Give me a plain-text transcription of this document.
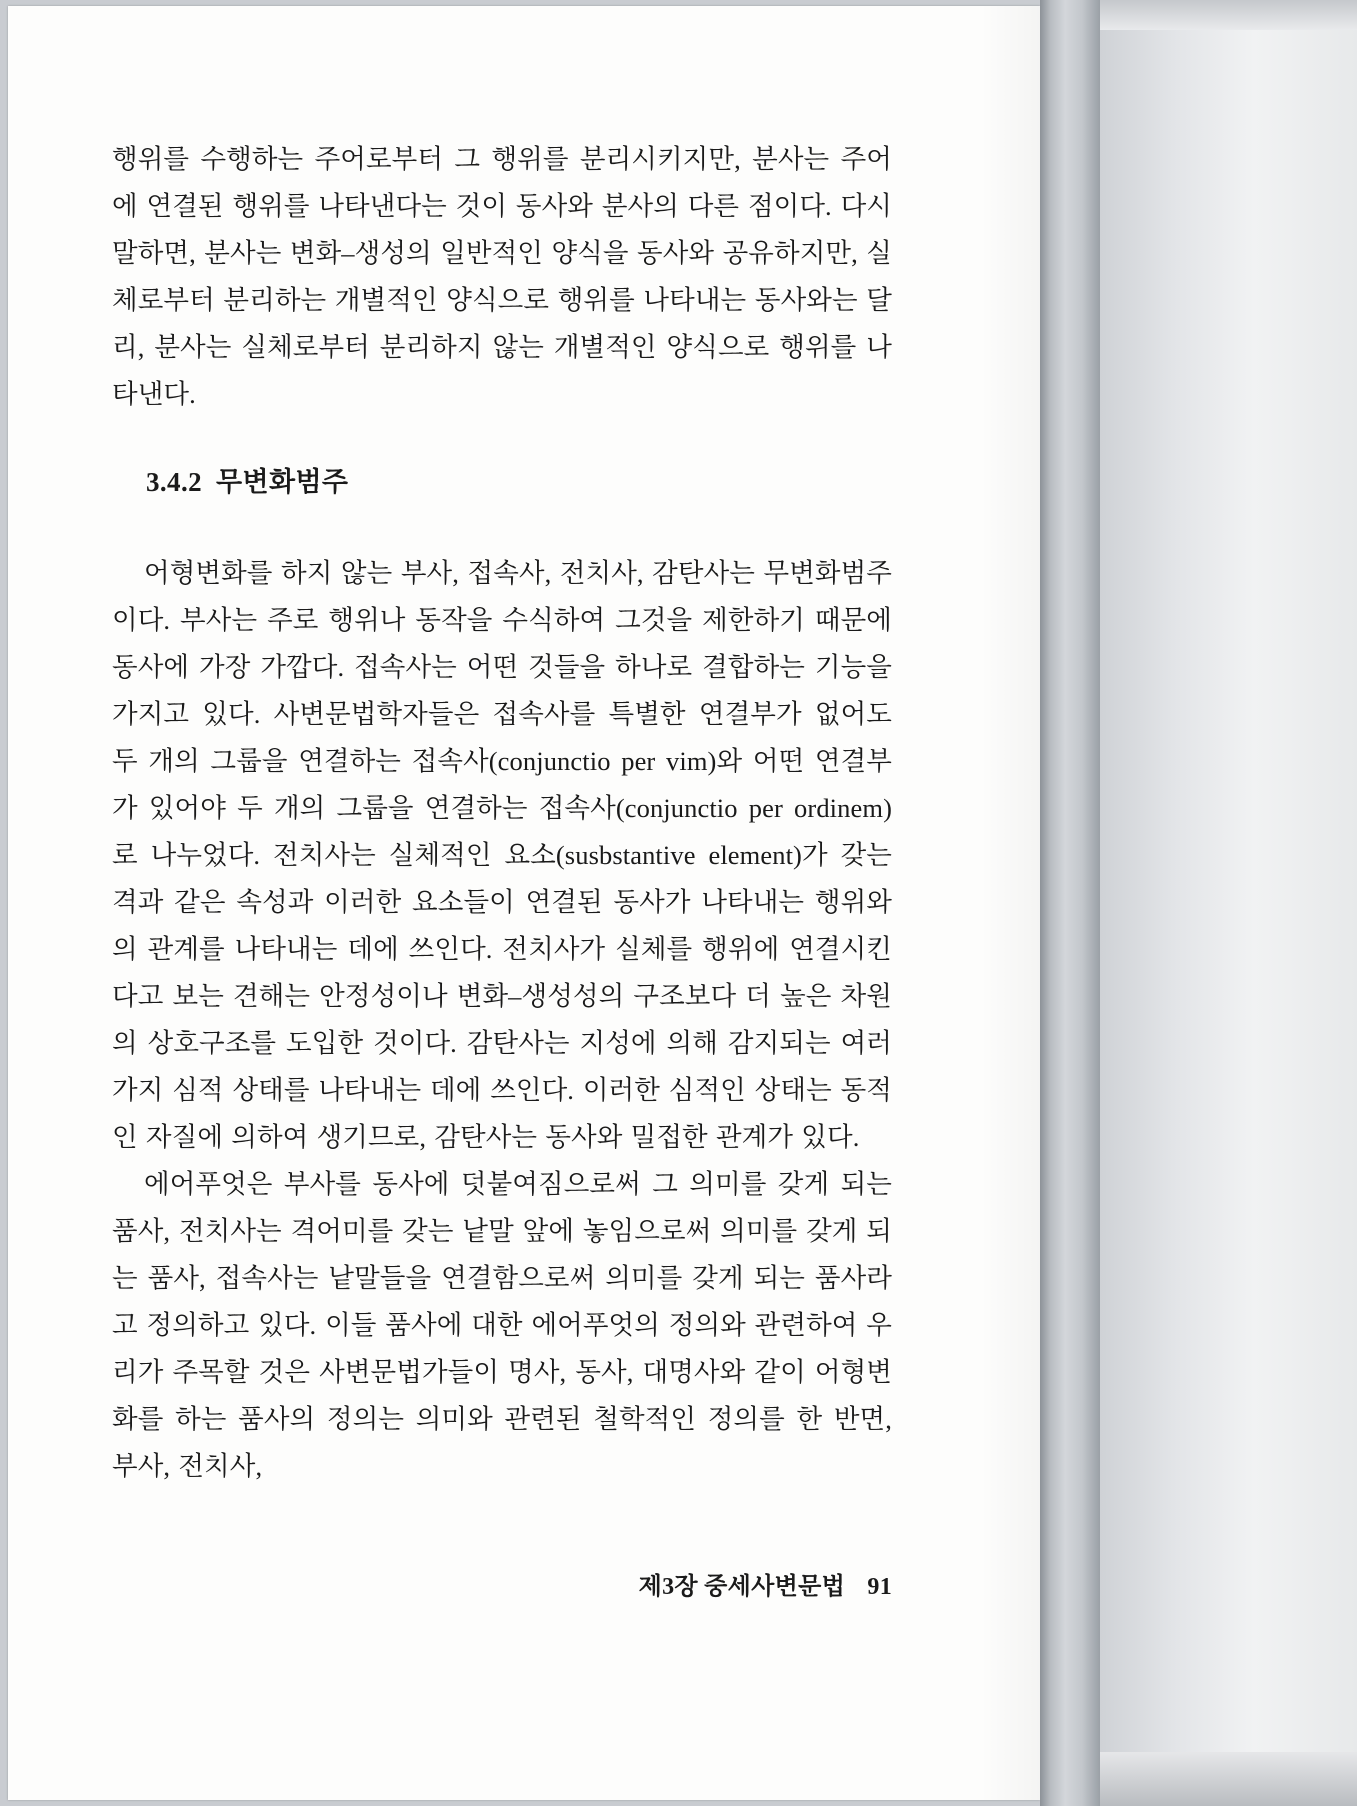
행위를 수행하는 주어로부터 그 행위를 분리시키지만, 분사는 주어에 연결된 행위를 나타낸다는 것이 동사와 분사의 다른 점이다. 다시 말하면, 분사는 변화–생성의 일반적인 양식을 동사와 공유하지만, 실체로부터 분리하는 개별적인 양식으로 행위를 나타내는 동사와는 달리, 분사는 실체로부터 분리하지 않는 개별적인 양식으로 행위를 나타낸다.

3.4.2 무변화범주

어형변화를 하지 않는 부사, 접속사, 전치사, 감탄사는 무변화범주이다. 부사는 주로 행위나 동작을 수식하여 그것을 제한하기 때문에 동사에 가장 가깝다. 접속사는 어떤 것들을 하나로 결합하는 기능을 가지고 있다. 사변문법학자들은 접속사를 특별한 연결부가 없어도 두 개의 그룹을 연결하는 접속사(conjunctio per vim)와 어떤 연결부가 있어야 두 개의 그룹을 연결하는 접속사(conjunctio per ordinem)로 나누었다. 전치사는 실체적인 요소(susbstantive element)가 갖는 격과 같은 속성과 이러한 요소들이 연결된 동사가 나타내는 행위와의 관계를 나타내는 데에 쓰인다. 전치사가 실체를 행위에 연결시킨다고 보는 견해는 안정성이나 변화–생성성의 구조보다 더 높은 차원의 상호구조를 도입한 것이다. 감탄사는 지성에 의해 감지되는 여러 가지 심적 상태를 나타내는 데에 쓰인다. 이러한 심적인 상태는 동적인 자질에 의하여 생기므로, 감탄사는 동사와 밀접한 관계가 있다.

에어푸엇은 부사를 동사에 덧붙여짐으로써 그 의미를 갖게 되는 품사, 전치사는 격어미를 갖는 낱말 앞에 놓임으로써 의미를 갖게 되는 품사, 접속사는 낱말들을 연결함으로써 의미를 갖게 되는 품사라고 정의하고 있다. 이들 품사에 대한 에어푸엇의 정의와 관련하여 우리가 주목할 것은 사변문법가들이 명사, 동사, 대명사와 같이 어형변화를 하는 품사의 정의는 의미와 관련된 철학적인 정의를 한 반면, 부사, 전치사,

제3장 중세사변문법 91
